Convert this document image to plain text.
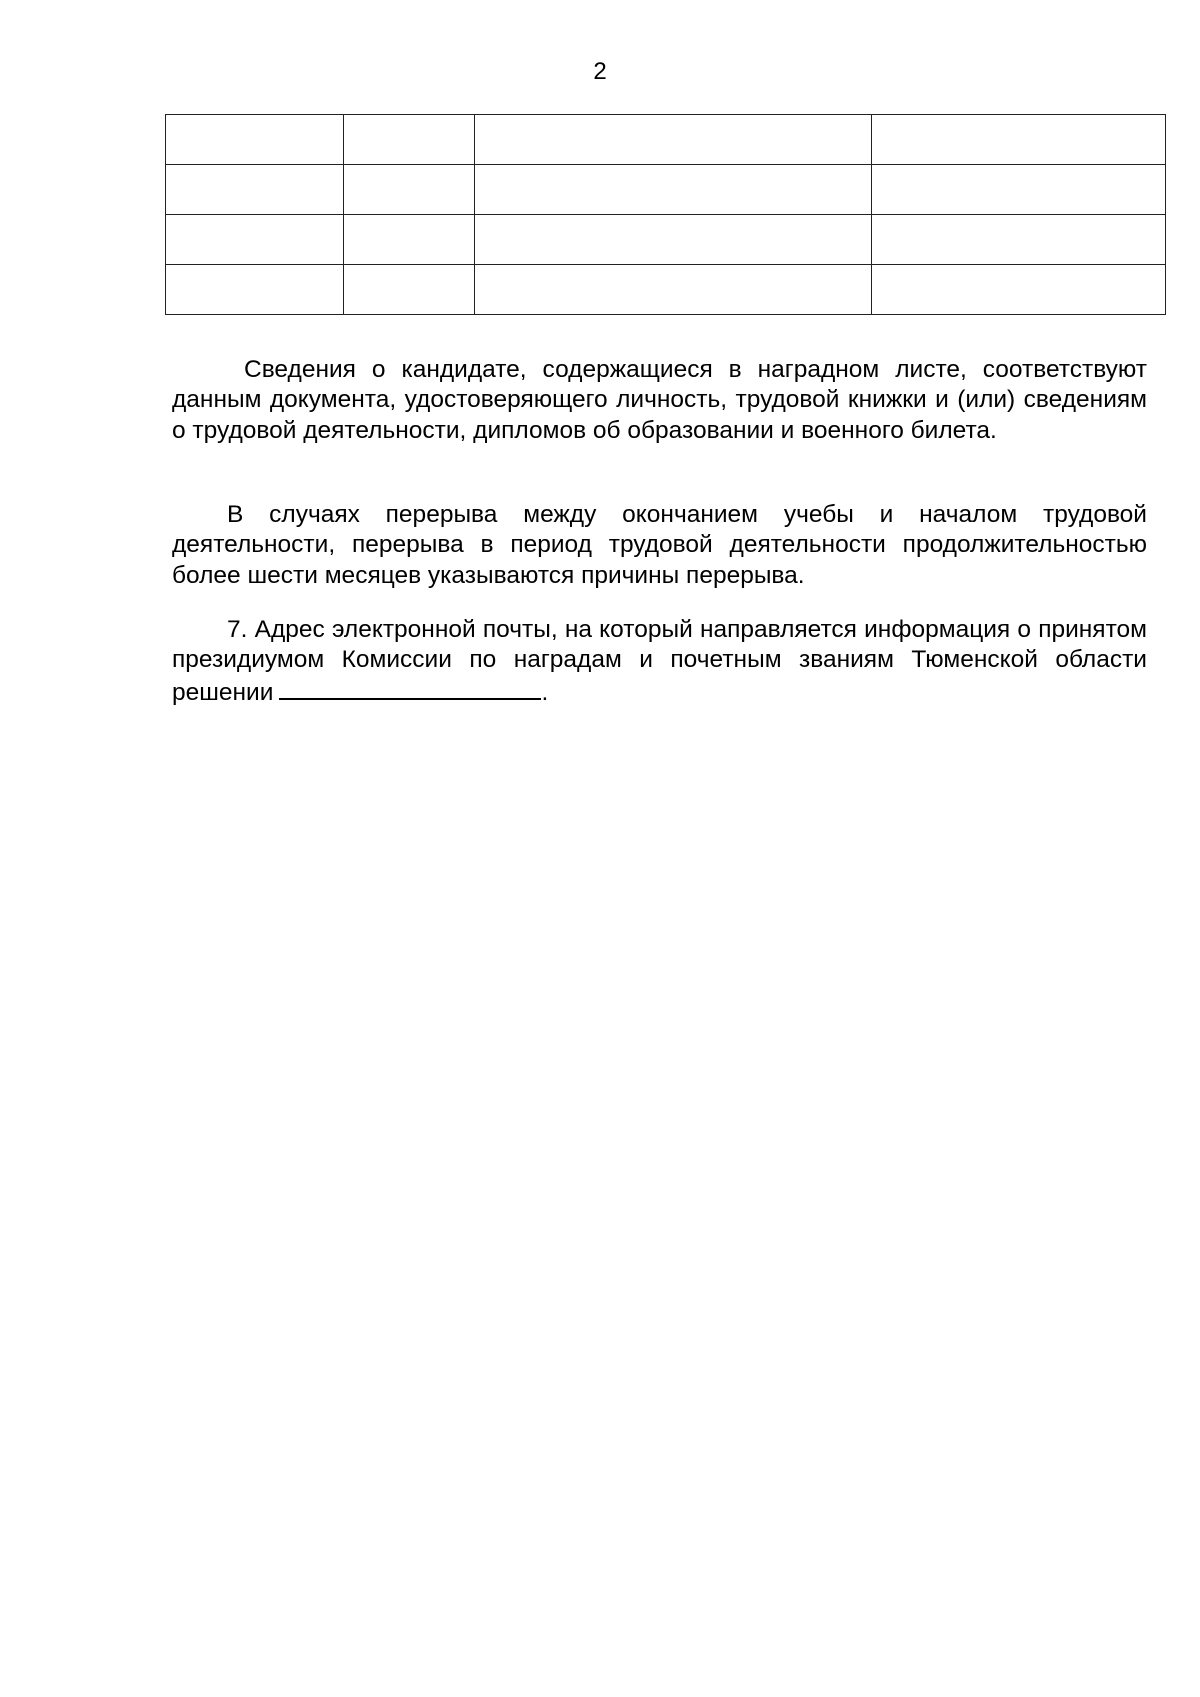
2

Сведения о кандидате, содержащиеся в наградном листе, соответствуют данным документа, удостоверяющего личность, трудовой книжки и (или) сведениям о трудовой деятельности, дипломов об образовании и военного билета.

В случаях перерыва между окончанием учебы и началом трудовой деятельности, перерыва в период трудовой деятельности продолжительностью более шести месяцев указываются причины перерыва.

7. Адрес электронной почты, на который направляется информация о принятом президиумом Комиссии по наградам и почетным званиям Тюменской области решении	.
